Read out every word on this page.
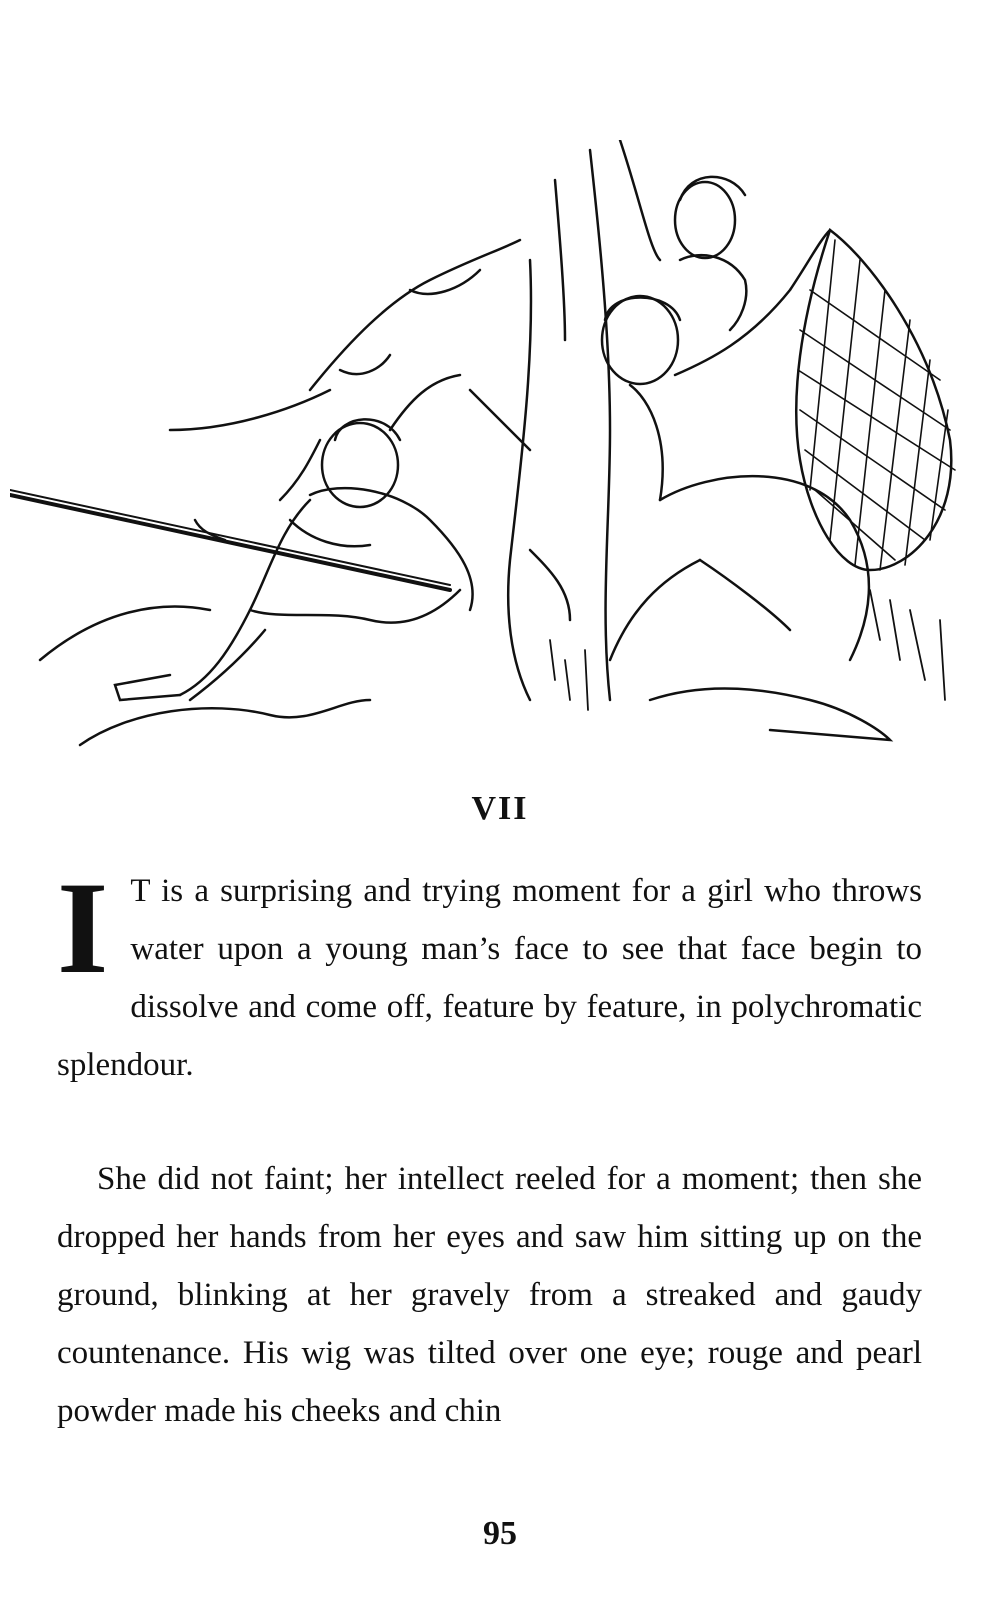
VII
I T is a surprising and trying moment for a girl who throws water upon a young man’s face to see that face begin to dissolve and come off, feature by feature, in polychromatic splendour.

She did not faint; her intellect reeled for a moment; then she dropped her hands from her eyes and saw him sitting up on the ground, blinking at her gravely from a streaked and gaudy countenance. His wig was tilted over one eye; rouge and pearl powder made his cheeks and chin

95
